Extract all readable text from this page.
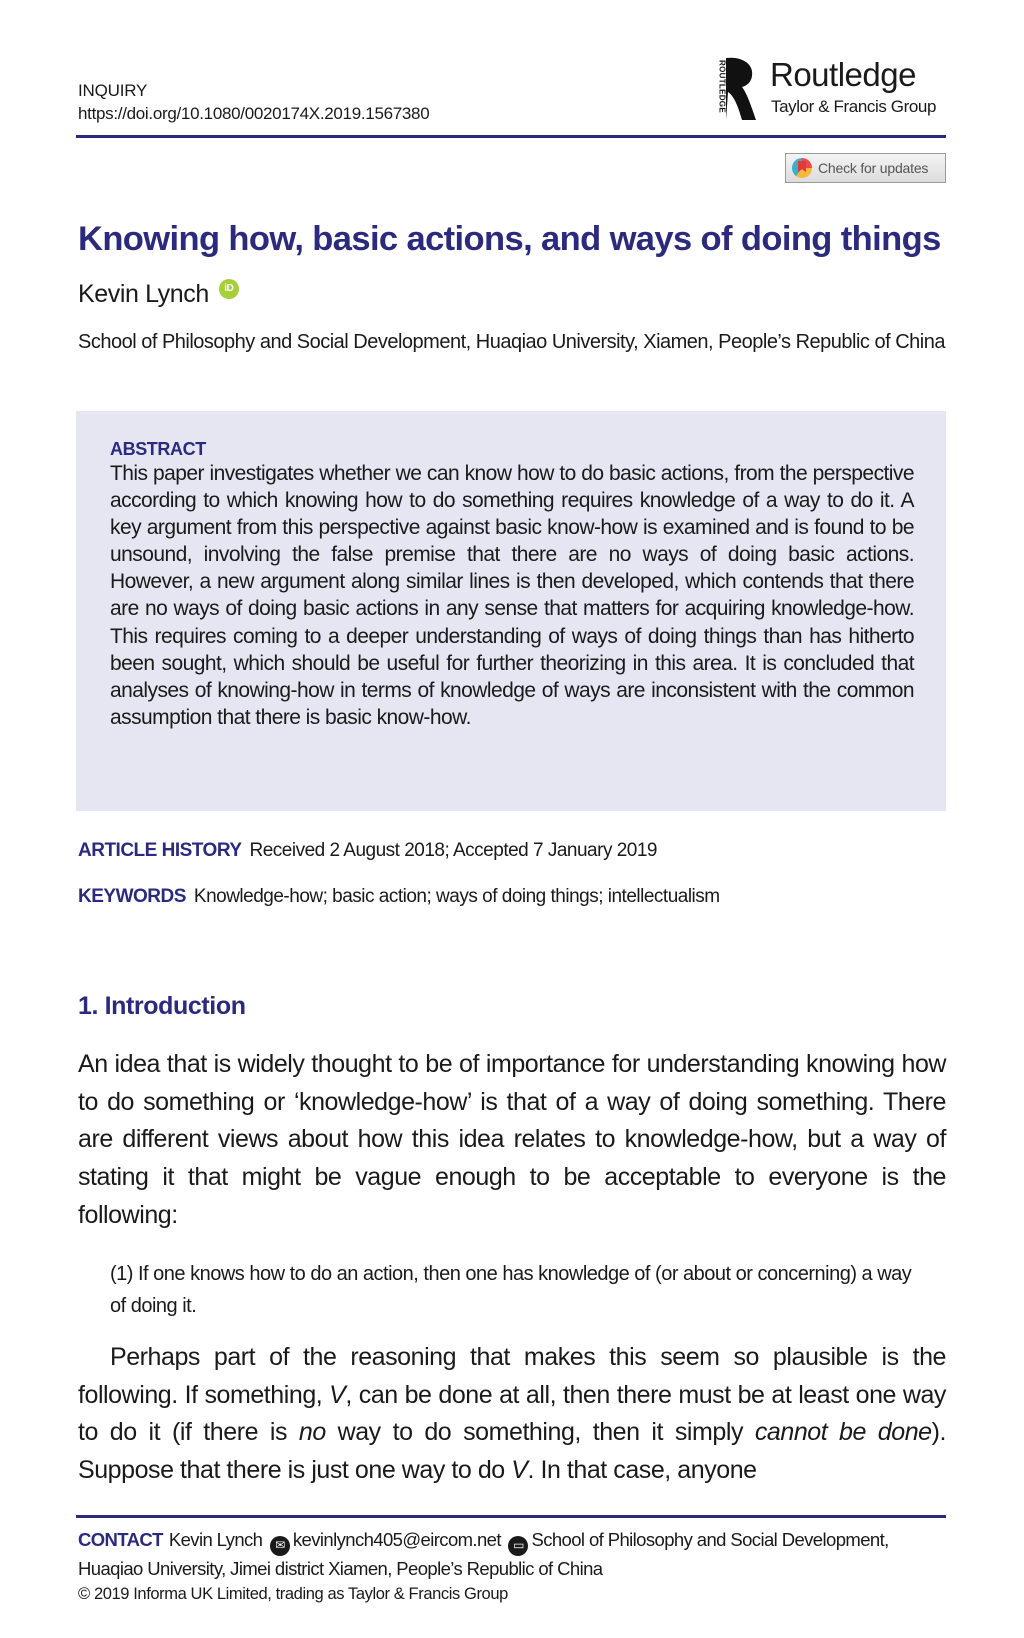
INQUIRY
https://doi.org/10.1080/0020174X.2019.1567380
ROUTLEDGE Routledge
Taylor & Francis Group
Check for updates
Knowing how, basic actions, and ways of doing things
Kevin Lynch	iD
School of Philosophy and Social Development, Huaqiao University, Xiamen, People’s Republic of China
ABSTRACT
This paper investigates whether we can know how to do basic actions, from the perspective according to which knowing how to do something requires knowledge of a way to do it. A key argument from this perspective against basic know-how is examined and is found to be unsound, involving the false premise that there are no ways of doing basic actions. However, a new argument along similar lines is then developed, which contends that there are no ways of doing basic actions in any sense that matters for acquiring knowledge-how. This requires coming to a deeper understanding of ways of doing things than has hitherto been sought, which should be useful for further theorizing in this area. It is concluded that analyses of knowing-how in terms of knowledge of ways are inconsistent with the common assumption that there is basic know-how.
ARTICLE HISTORY Received 2 August 2018; Accepted 7 January 2019
KEYWORDS Knowledge-how; basic action; ways of doing things; intellectualism
1. Introduction

An idea that is widely thought to be of importance for understanding knowing how to do something or ‘knowledge-how’ is that of a way of doing something. There are different views about how this idea relates to knowledge-how, but a way of stating it that might be vague enough to be acceptable to everyone is the following:

(1) If one knows how to do an action, then one has knowledge of (or about or concerning) a way of doing it.

Perhaps part of the reasoning that makes this seem so plausible is the following. If something, V, can be done at all, then there must be at least one way to do it (if there is no way to do something, then it simply cannot be done). Suppose that there is just one way to do V. In that case, anyone

CONTACT Kevin Lynch ✉ kevinlynch405@eircom.net ▭ School of Philosophy and Social Development, Huaqiao University, Jimei district Xiamen, People’s Republic of China
© 2019 Informa UK Limited, trading as Taylor & Francis Group
